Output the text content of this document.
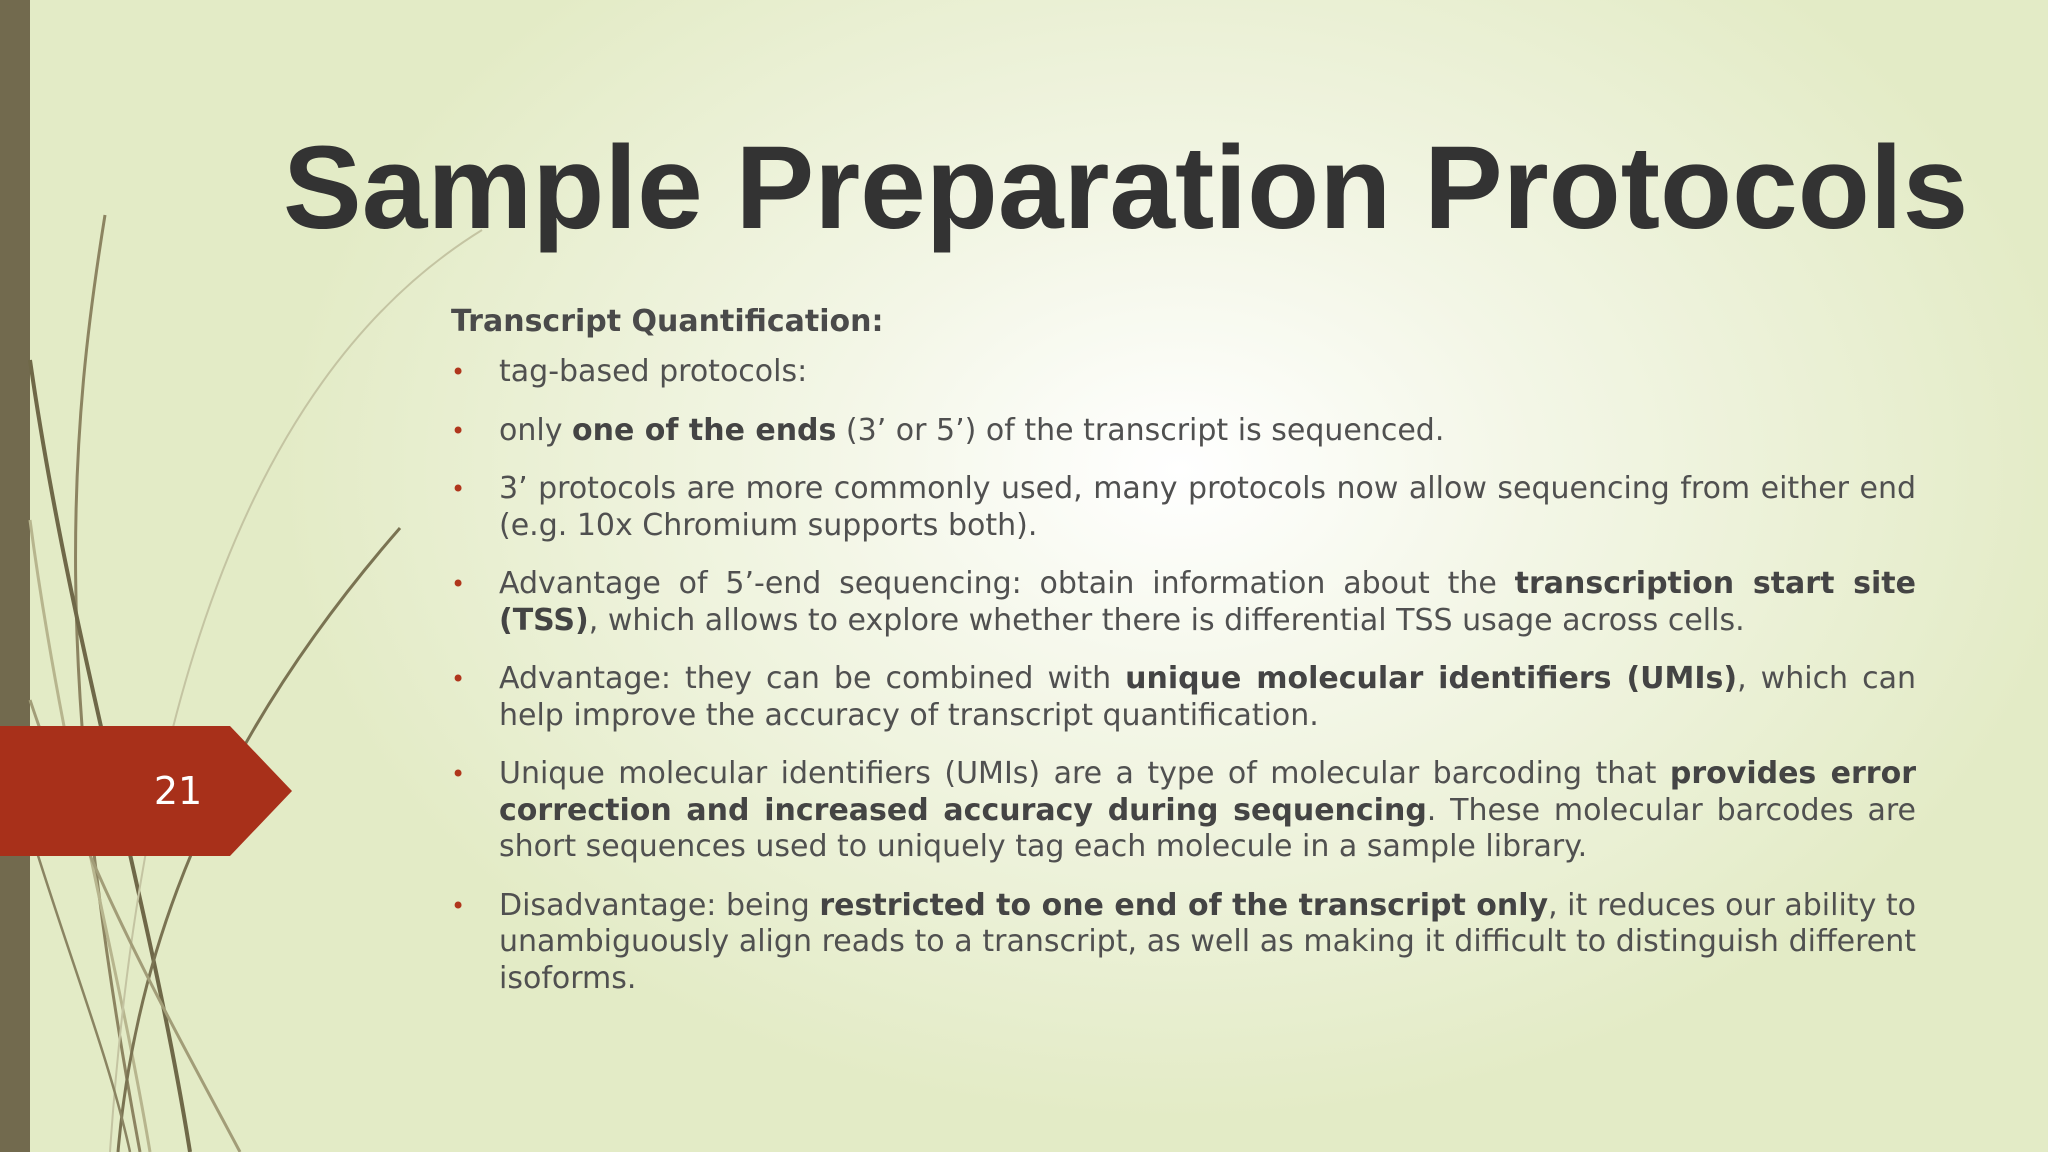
21
Sample Preparation Protocols
Transcript Quantification:
• tag-based protocols:
• only one of the ends (3’ or 5’) of the transcript is sequenced.
• 3’ protocols are more commonly used, many protocols now allow sequencing from either end (e.g. 10x Chromium supports both).
• Advantage of 5’-end sequencing: obtain information about the transcription start site (TSS), which allows to explore whether there is differential TSS usage across cells.
• Advantage: they can be combined with unique molecular identifiers (UMIs), which can help improve the accuracy of transcript quantification.
• Unique molecular identifiers (UMIs) are a type of molecular barcoding that provides error correction and increased accuracy during sequencing. These molecular barcodes are short sequences used to uniquely tag each molecule in a sample library.
• Disadvantage: being restricted to one end of the transcript only, it reduces our ability to unambiguously align reads to a transcript, as well as making it difficult to distinguish different isoforms.
